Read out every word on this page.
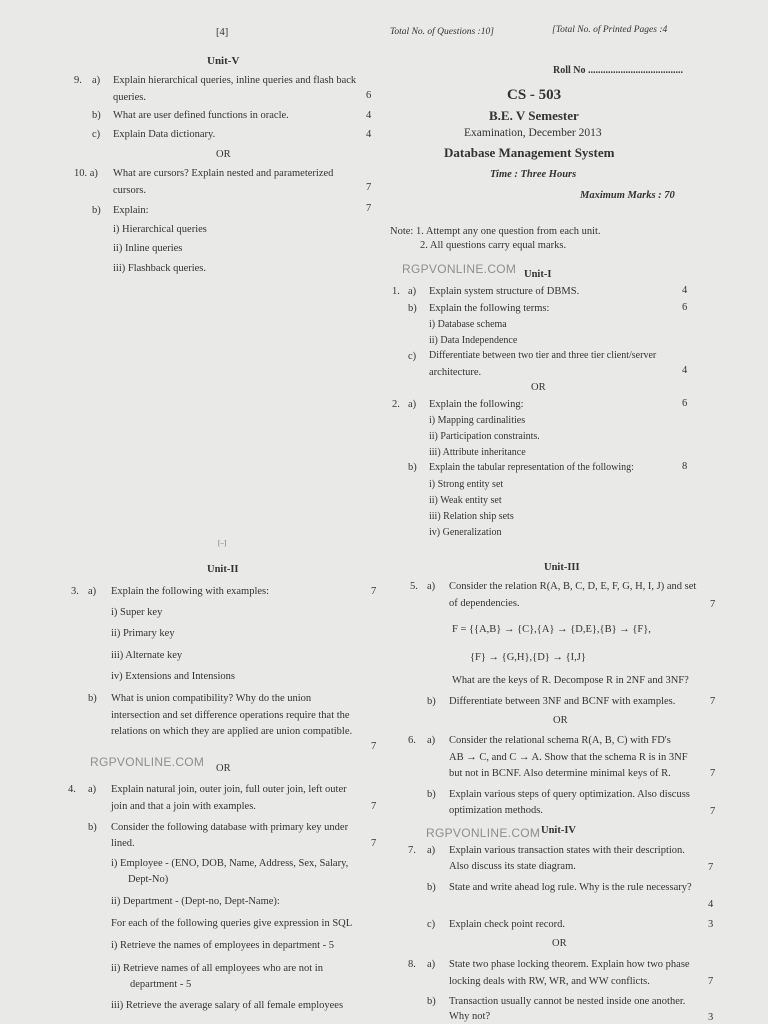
[4]
Unit-V
9. a) Explain hierarchical queries, inline queries and flash back
queries.	6
b) What are user defined functions in oracle.	4
c) Explain Data dictionary.	4
OR
10. a) What are cursors? Explain nested and parameterized
cursors.	7
b) Explain:	7
i) Hierarchical queries
ii) Inline queries
iii) Flashback queries.
Total No. of Questions :10]	[Total No. of Printed Pages :4
Roll No ......................................
CS - 503
B.E. V Semester
Examination, December 2013
Database Management System
Time : Three Hours
Maximum Marks : 70
Note: 1. Attempt any one question from each unit.
2. All questions carry equal marks.
RGPVONLINE.COM Unit-I
1. a) Explain system structure of DBMS.	4
b) Explain the following terms:	6
i) Database schema
ii) Data Independence
c) Differentiate between two tier and three tier client/server
architecture.	4
OR
2. a) Explain the following:	6
i) Mapping cardinalities
ii) Participation constraints.
iii) Attribute inheritance
b) Explain the tabular representation of the following:	8
i) Strong entity set
ii) Weak entity set
iii) Relation ship sets
iv) Generalization
[–]
Unit-II
3. a) Explain the following with examples:	7
i) Super key
ii) Primary key
iii) Alternate key
iv) Extensions and Intensions
b) What is union compatibility? Why do the union
intersection and set difference operations require that the
relations on which they are applied are union compatible.
7
RGPVONLINE.COM OR
4. a) Explain natural join, outer join, full outer join, left outer
join and that a join with examples.	7
b) Consider the following database with primary key under
lined.	7
i) Employee - (ENO, DOB, Name, Address, Sex, Salary,
Dept-No)
ii) Department - (Dept-no, Dept-Name):
For each of the following queries give expression in SQL
i) Retrieve the names of employees in department - 5
ii) Retrieve names of all employees who are not in
department - 5
iii) Retrieve the average salary of all female employees
Unit-III
5. a) Consider the relation R(A, B, C, D, E, F, G, H, I, J) and set
of dependencies.	7
F = {{A,B} → {C},{A} → {D,E},{B} → {F},
{F} → {G,H},{D} → {I,J}
What are the keys of R. Decompose R in 2NF and 3NF?
b) Differentiate between 3NF and BCNF with examples.	7
OR
6. a) Consider the relational schema R(A, B, C) with FD's
AB → C, and C → A. Show that the schema R is in 3NF
but not in BCNF. Also determine minimal keys of R.	7
b) Explain various steps of query optimization. Also discuss
optimization methods.	7
RGPVONLINE.COM Unit-IV
7. a) Explain various transaction states with their description.
Also discuss its state diagram.	7
b) State and write ahead log rule. Why is the rule necessary?
4
c) Explain check point record.	3
OR
8. a) State two phase locking theorem. Explain how two phase
locking deals with RW, WR, and WW conflicts.	7
b) Transaction usually cannot be nested inside one another.
Why not?	3
